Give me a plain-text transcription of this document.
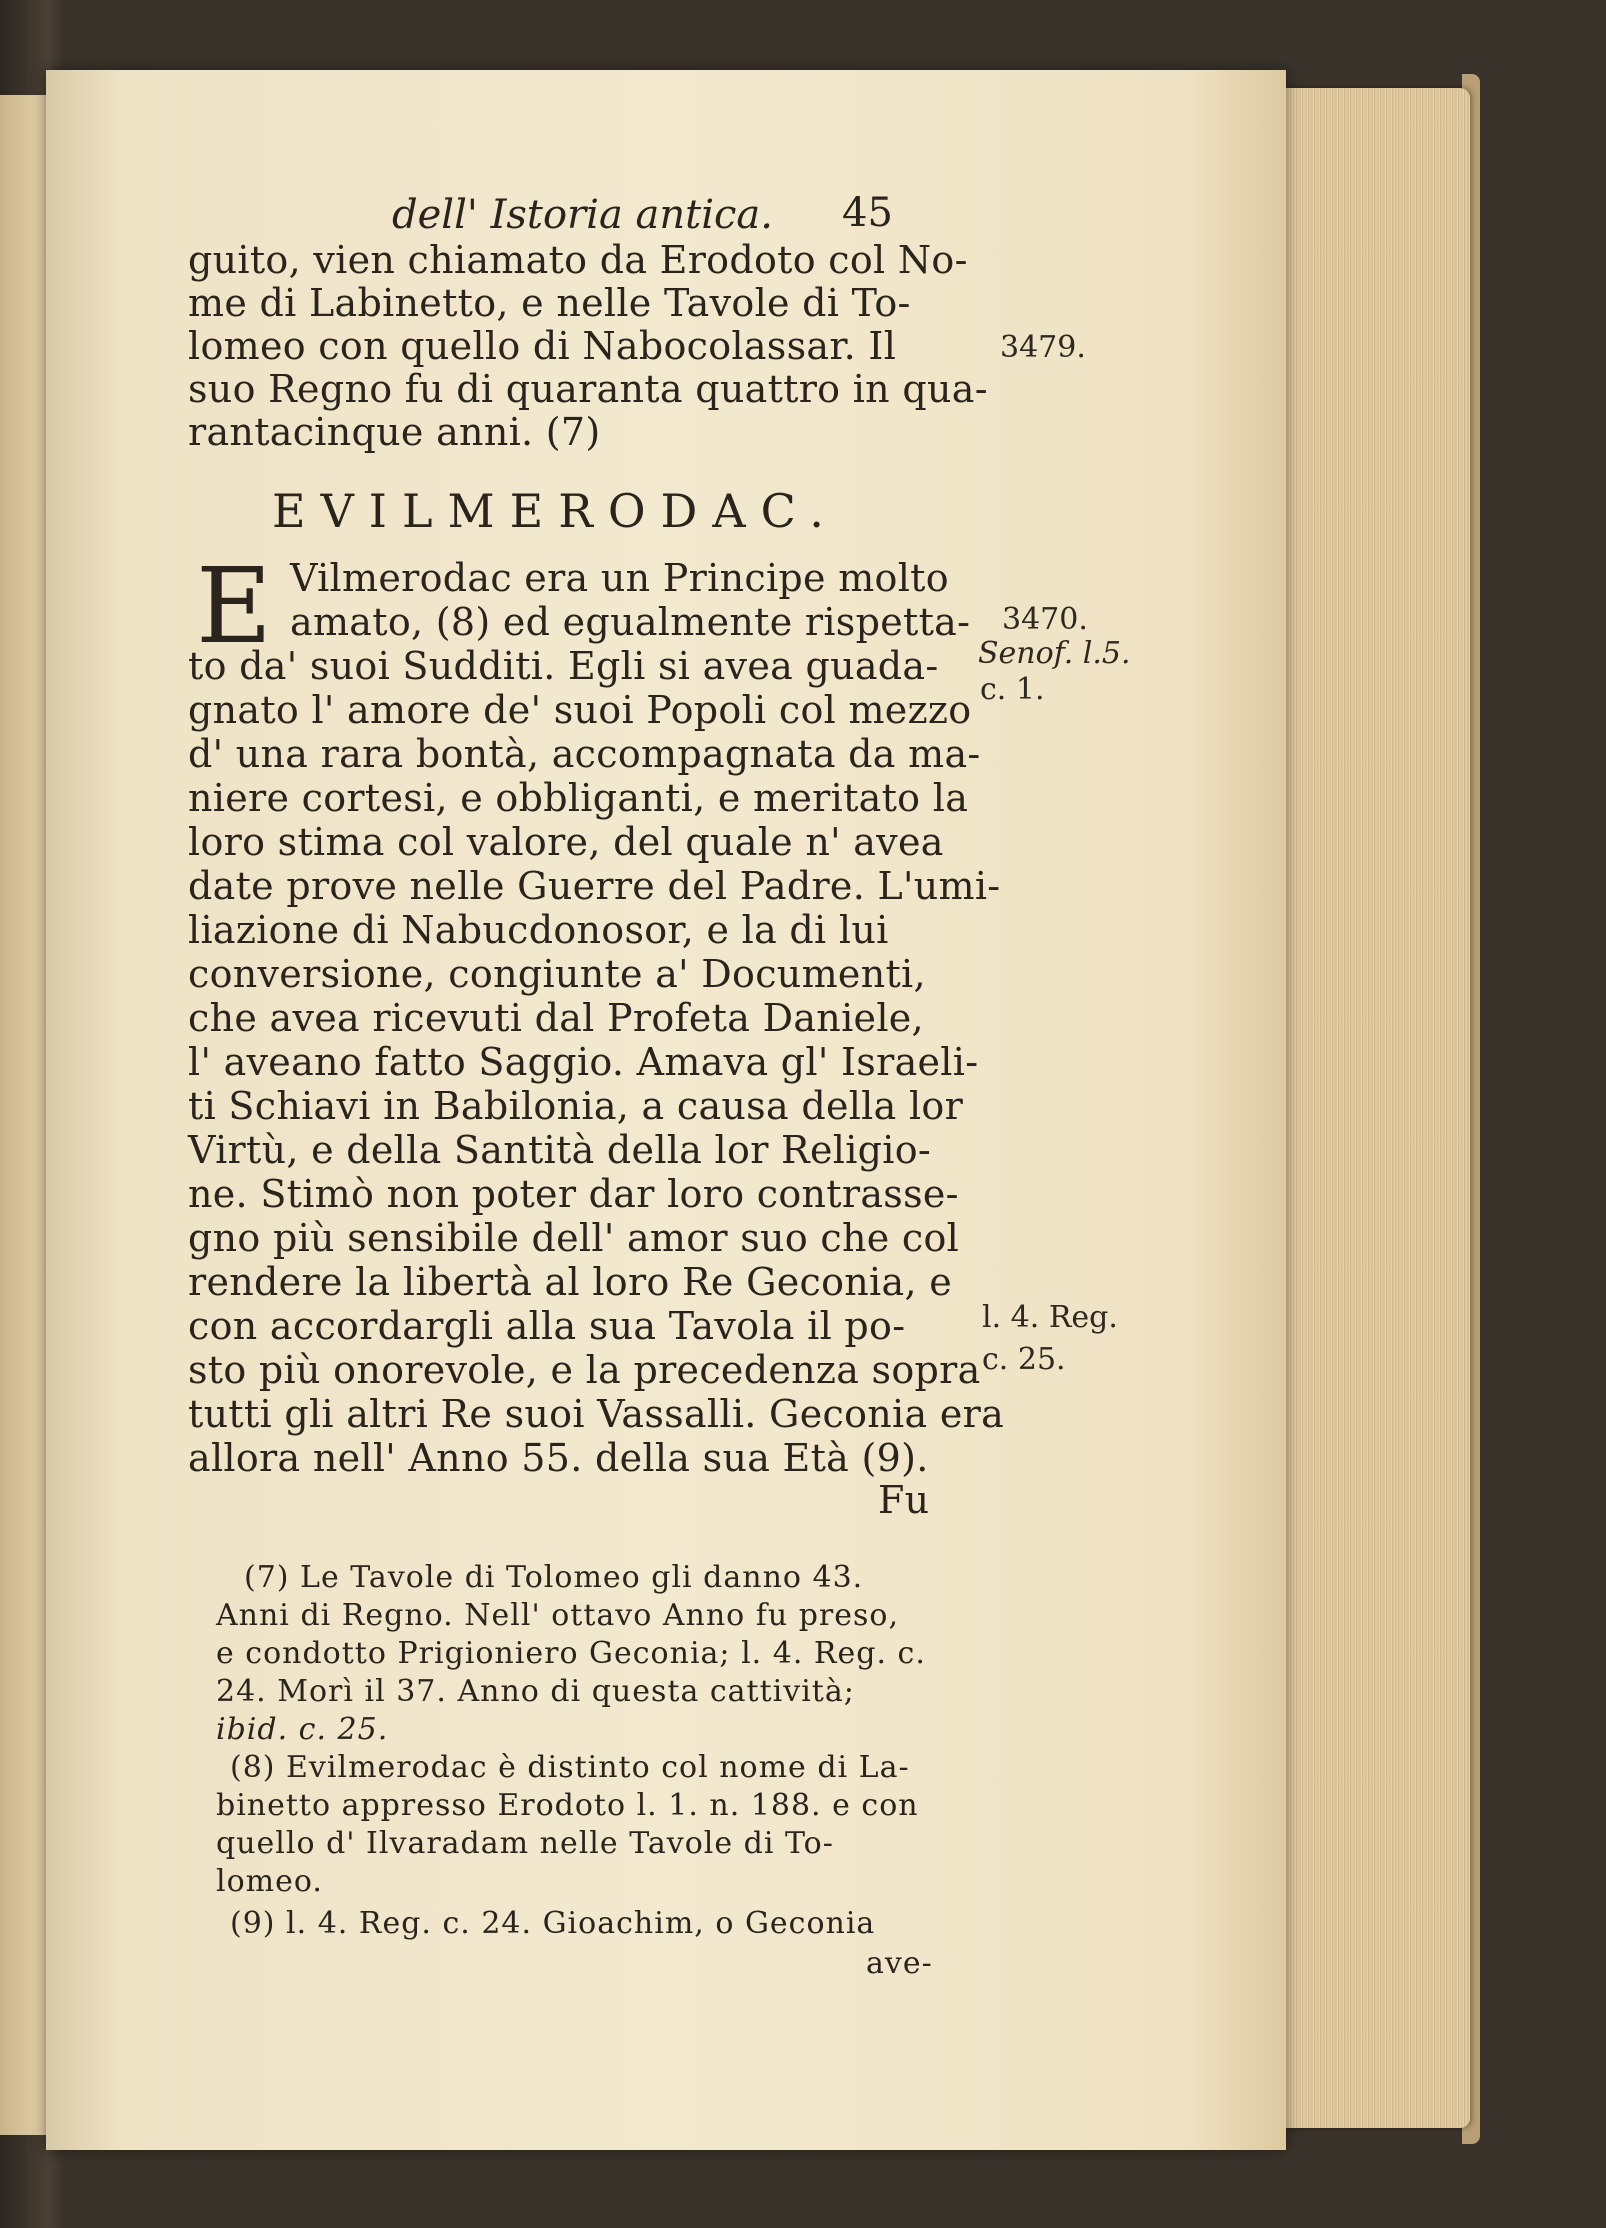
dell' Istoria antica. 45
guito, vien chiamato da Erodoto col No-
me di Labinetto, e nelle Tavole di To-
lomeo con quello di Nabocolassar. Il
suo Regno fu di quaranta quattro in qua-
rantacinque anni. (7)
EVILMERODAC.
E Vilmerodac era un Principe molto
amato, (8) ed egualmente rispetta-
to da' suoi Sudditi. Egli si avea guada-
gnato l' amore de' suoi Popoli col mezzo
d' una rara bontà, accompagnata da ma-
niere cortesi, e obbliganti, e meritato la
loro stima col valore, del quale n' avea
date prove nelle Guerre del Padre. L'umi-
liazione di Nabucdonosor, e la di lui
conversione, congiunte a' Documenti,
che avea ricevuti dal Profeta Daniele,
l' aveano fatto Saggio. Amava gl' Israeli-
ti Schiavi in Babilonia, a causa della lor
Virtù, e della Santità della lor Religio-
ne. Stimò non poter dar loro contrasse-
gno più sensibile dell' amor suo che col
rendere la libertà al loro Re Geconia, e
con accordargli alla sua Tavola il po-
sto più onorevole, e la precedenza sopra
tutti gli altri Re suoi Vassalli. Geconia era
allora nell' Anno 55. della sua Età (9).
Fu
3479.
3470.
Senof. l.5.
c. 1.
l. 4. Reg.
c. 25.
(7) Le Tavole di Tolomeo gli danno 43.
Anni di Regno. Nell' ottavo Anno fu preso,
e condotto Prigioniero Geconia; l. 4. Reg. c.
24. Morì il 37. Anno di questa cattività;
ibid. c. 25.
(8) Evilmerodac è distinto col nome di La-
binetto appresso Erodoto l. 1. n. 188. e con
quello d' Ilvaradam nelle Tavole di To-
lomeo.
(9) l. 4. Reg. c. 24. Gioachim, o Geconia
ave-
